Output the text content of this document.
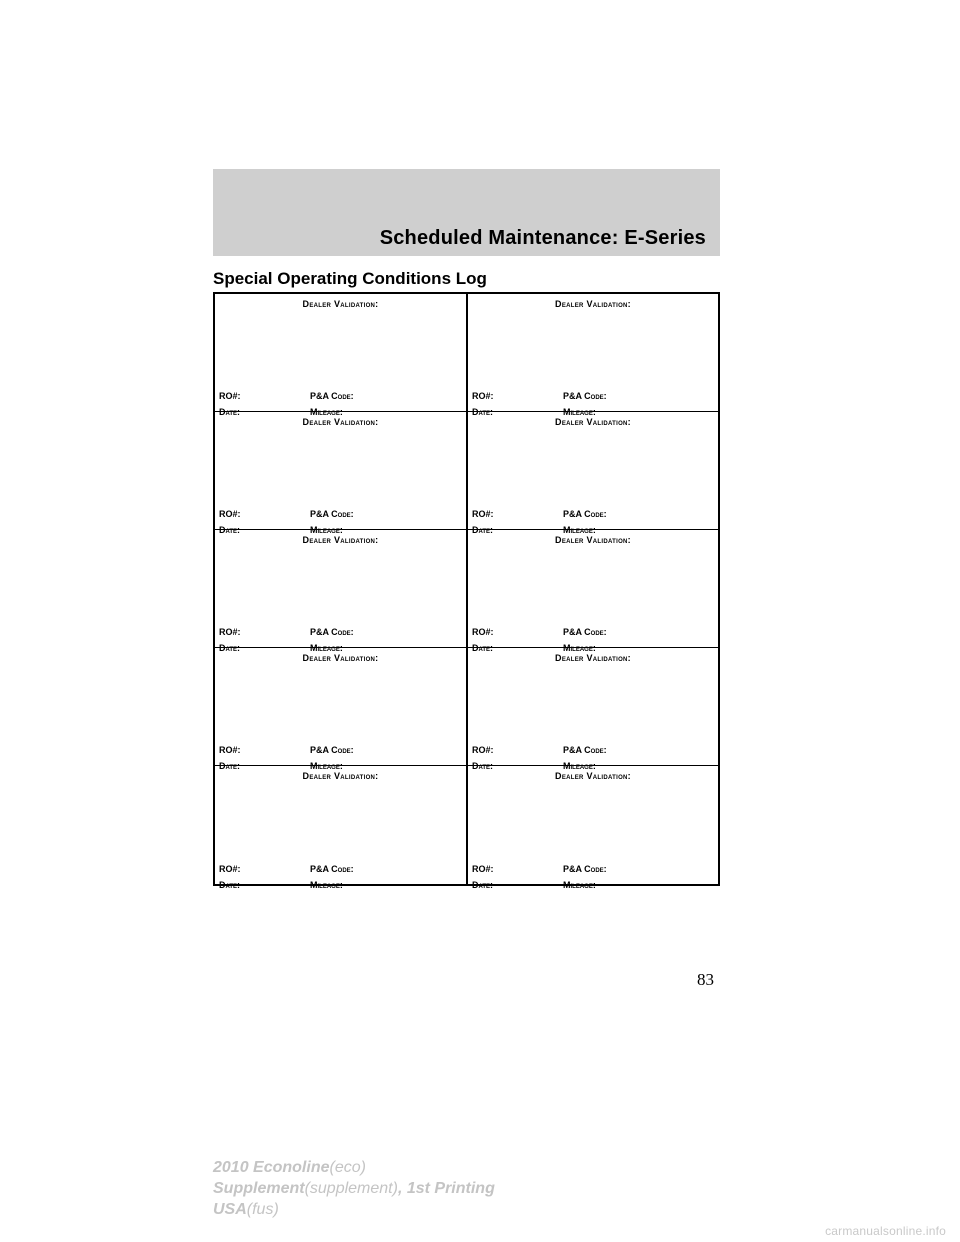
Scheduled Maintenance: E-Series
Special Operating Conditions Log
Dealer Validation:
RO#:	P&A Code:
Date:	Mileage:
Dealer Validation:
RO#:	P&A Code:
Date:	Mileage:
Dealer Validation:
RO#:	P&A Code:
Date:	Mileage:
Dealer Validation:
RO#:	P&A Code:
Date:	Mileage:
Dealer Validation:
RO#:	P&A Code:
Date:	Mileage:
Dealer Validation:
RO#:	P&A Code:
Date:	Mileage:
Dealer Validation:
RO#:	P&A Code:
Date:	Mileage:
Dealer Validation:
RO#:	P&A Code:
Date:	Mileage:
Dealer Validation:
RO#:	P&A Code:
Date:	Mileage:
Dealer Validation:
RO#:	P&A Code:
Date:	Mileage:
83
2010 Econoline(eco)
Supplement(supplement), 1st Printing
USA(fus)
carmanualsonline.info
